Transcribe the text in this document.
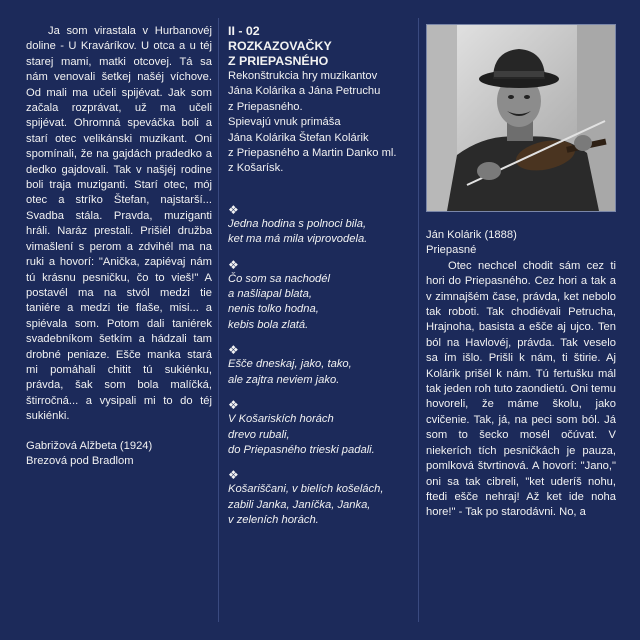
Ja som virastala v Hurbanovéj doline - U Kraváríkov. U otca a u téj starej mami, matki otcovej. Tá sa nám venovali šetkej našéj víchove. Od mali ma učeli spijévat. Jak som začala rozprávat, už ma učeli spijévat. Ohromná speváčka boli a starí otec velikánski muzikant. Oni spomínali, že na gajdách pradedko a dedko gajdovali. Tak v našjéj rodine boli traja muziganti. Starí otec, mój otec a stríko Štefan, najstarší... Svadba stála. Pravda, muziganti hráli. Naráz prestali. Prišiél družba vimašlení s perom a zdvihél ma na ruki a hovorí: "Anička, zapiévaj nám tú krásnu pesničku, čo to vieš!" A postavél ma na stvól medzi tie taniére a medzi tie flaše, misi... a spiévala som. Potom dali taniérek svadebníkom šetkím a hádzali tam drobné peniaze. Ešče manka stará mi pomáhali chitit tú sukiénku, právda, šak som bola malíčká, štirročná... a vysipali mi to do téj sukiénki.

Gabrižová Alžbeta (1924)
Brezová pod Bradlom
II - 02
ROZKAZOVAČKY
Z PRIEPASNÉHO
Rekonštrukcia hry muzikantov
Jána Kolárika a Jána Petruchu
z Priepasného.
Spievajú vnuk primáša
Jána Kolárika Štefan Kolárik
z Priepasného a Martin Danko ml.
z Košarísk.
❖
Jedna hodina s polnoci bila,
ket ma má mila viprovodela.
❖
Čo som sa nachodél
a našliapal blata,
nenis tolko hodna,
kebis bola zlatá.
❖
Ešče dneskaj, jako, tako,
ale zajtra neviem jako.
❖
V Košariskích horách
drevo rubali,
do Priepasného trieski padali.
❖
Košariščani, v bielích košelách,
zabili Janka, Janíčka, Janka,
v zeleních horách.
Ján Kolárik (1888)
Priepasné

Otec nechcel chodit sám cez ti hori do Priepasného. Cez hori a tak a v zimnajšém čase, právda, ket nebolo tak roboti. Tak chodiévali Petrucha, Hrajnoha, basista a ešče aj ujco. Ten ból na Havlovéj, právda. Tak veselo sa ím išlo. Prišli k nám, ti štirie. Aj Kolárik prišél k nám. Tú fertušku mál tak jeden roh tuto zaondietú. Oni temu hovoreli, že máme školu, jako cvičenie. Tak, já, na peci som ból. Já som to šecko mosél očúvat. V niekerích tích pesničkách je pauza, pomlková štvrtinová. A hovorí: "Jano," oni sa tak cibreli, "ket uderíš nohu, ftedi ešče nehraj! Až ket ide noha hore!" - Tak po starodávni. No, a
